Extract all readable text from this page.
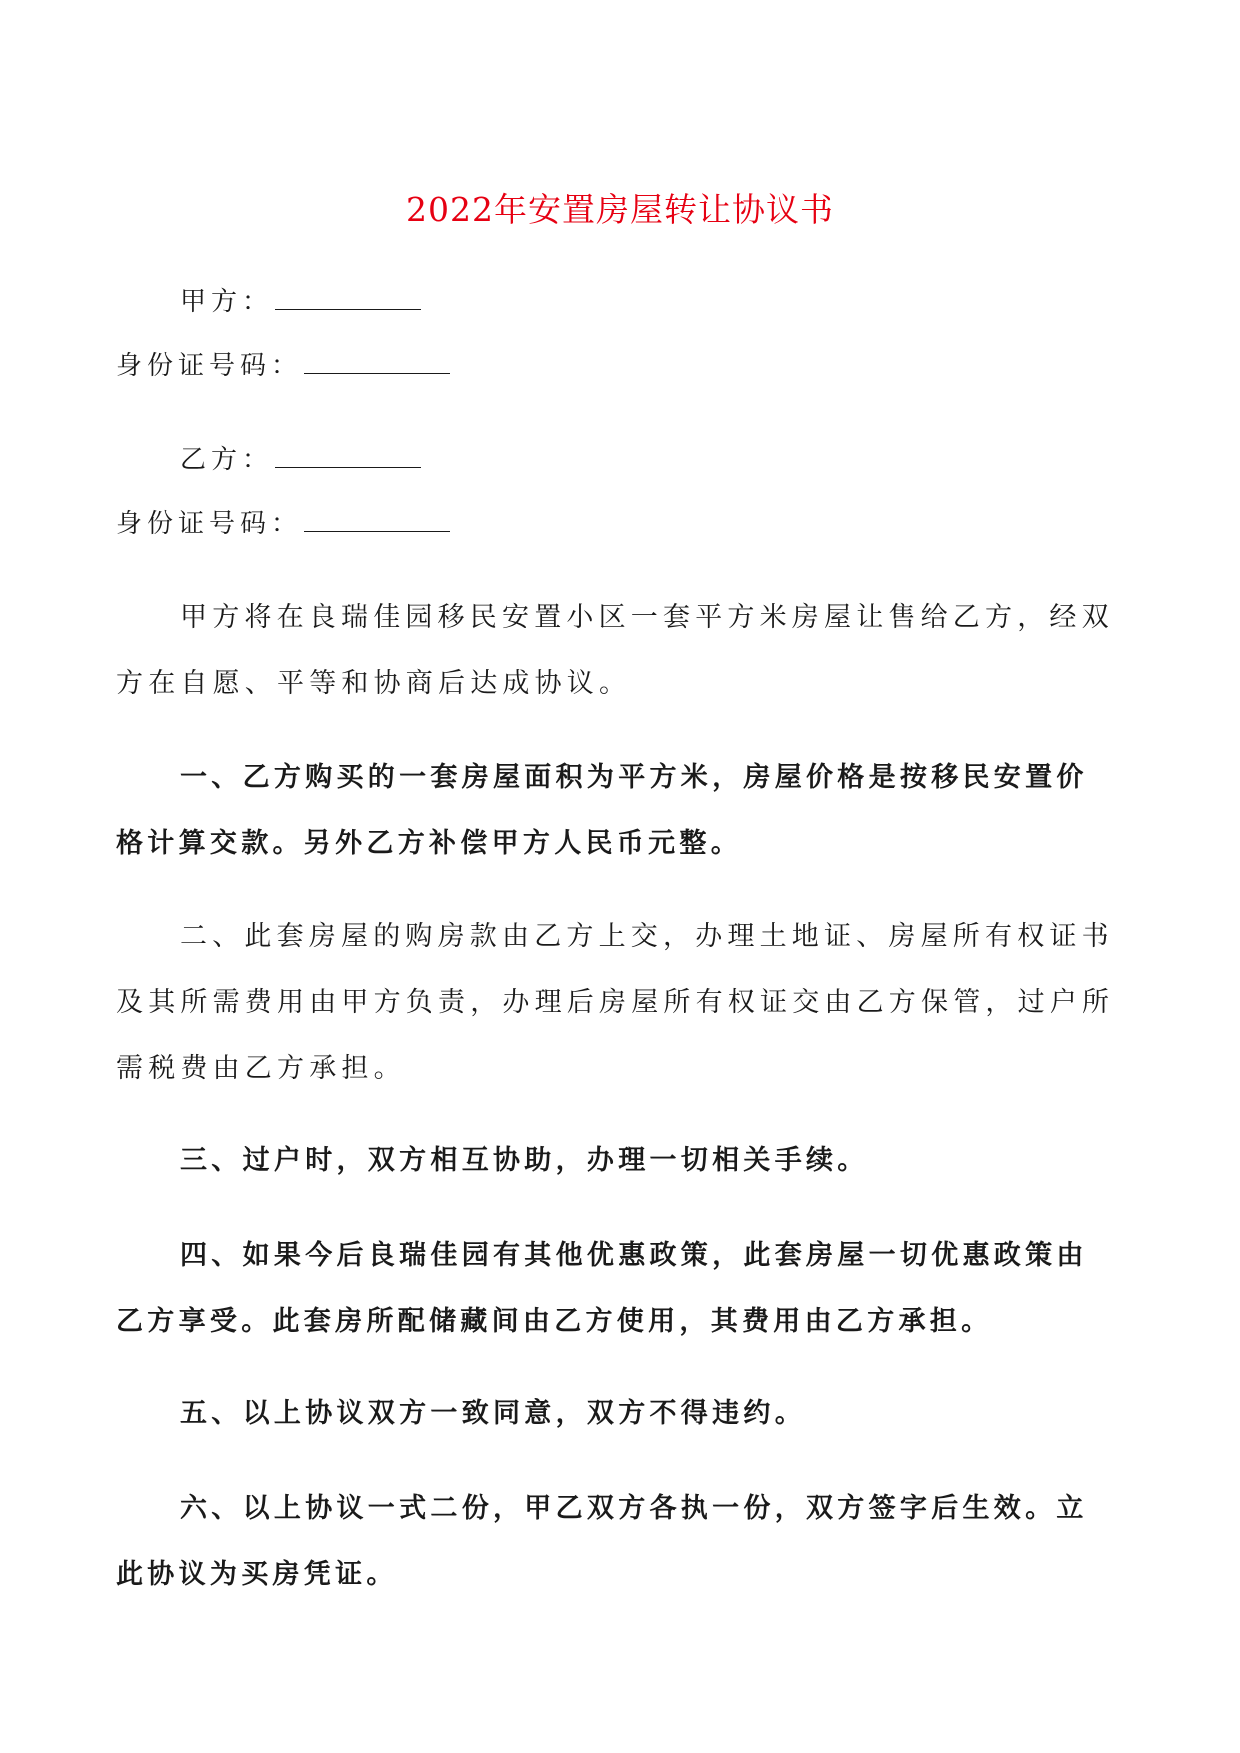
2022年安置房屋转让协议书
甲方：
身份证号码：
乙方：
身份证号码：

甲方将在良瑞佳园移民安置小区一套平方米房屋让售给乙方，经双方在自愿、平等和协商后达成协议。

一、乙方购买的一套房屋面积为平方米，房屋价格是按移民安置价格计算交款。另外乙方补偿甲方人民币元整。

二、此套房屋的购房款由乙方上交，办理土地证、房屋所有权证书及其所需费用由甲方负责，办理后房屋所有权证交由乙方保管，过户所需税费由乙方承担。

三、过户时，双方相互协助，办理一切相关手续。

四、如果今后良瑞佳园有其他优惠政策，此套房屋一切优惠政策由乙方享受。此套房所配储藏间由乙方使用，其费用由乙方承担。

五、以上协议双方一致同意，双方不得违约。

六、以上协议一式二份，甲乙双方各执一份，双方签字后生效。立此协议为买房凭证。
